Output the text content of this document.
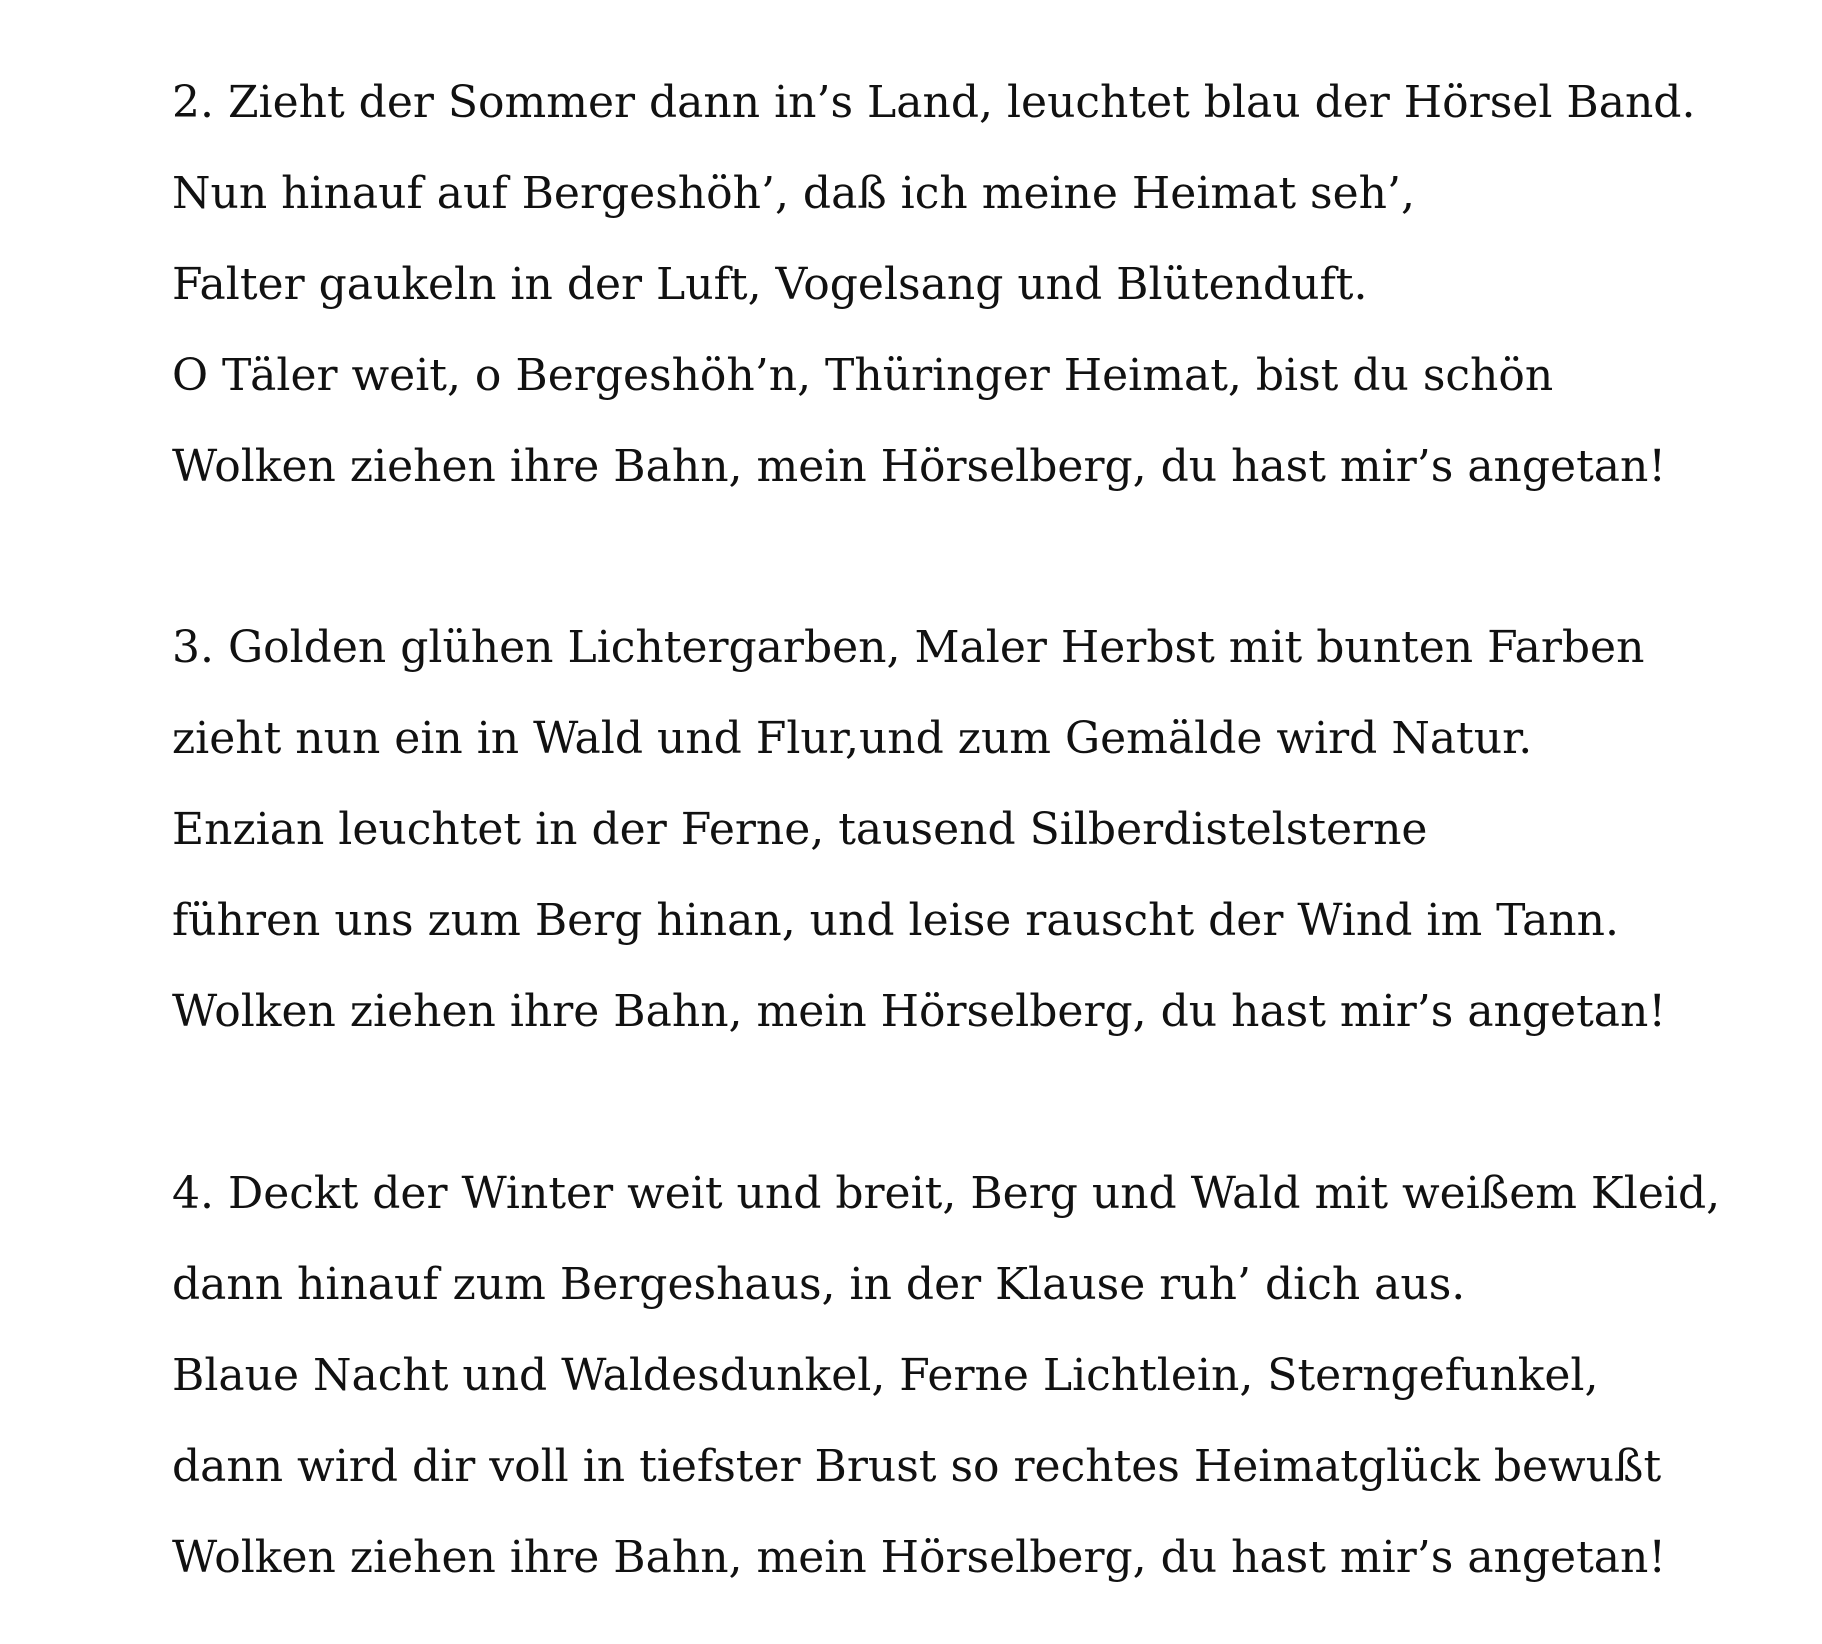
2. Zieht der Sommer dann in’s Land, leuchtet blau der Hörsel Band.
Nun hinauf auf Bergeshöh’, daß ich meine Heimat seh’,
Falter gaukeln in der Luft, Vogelsang und Blütenduft.
O Täler weit, o Bergeshöh’n, Thüringer Heimat, bist du schön
Wolken ziehen ihre Bahn, mein Hörselberg, du hast mir’s angetan!
3. Golden glühen Lichtergarben, Maler Herbst mit bunten Farben
zieht nun ein in Wald und Flur,und zum Gemälde wird Natur.
Enzian leuchtet in der Ferne, tausend Silberdistelsterne
führen uns zum Berg hinan, und leise rauscht der Wind im Tann.
Wolken ziehen ihre Bahn, mein Hörselberg, du hast mir’s angetan!
4. Deckt der Winter weit und breit, Berg und Wald mit weißem Kleid,
dann hinauf zum Bergeshaus, in der Klause ruh’ dich aus.
Blaue Nacht und Waldesdunkel, Ferne Lichtlein, Sterngefunkel,
dann wird dir voll in tiefster Brust so rechtes Heimatglück bewußt
Wolken ziehen ihre Bahn, mein Hörselberg, du hast mir’s angetan!
